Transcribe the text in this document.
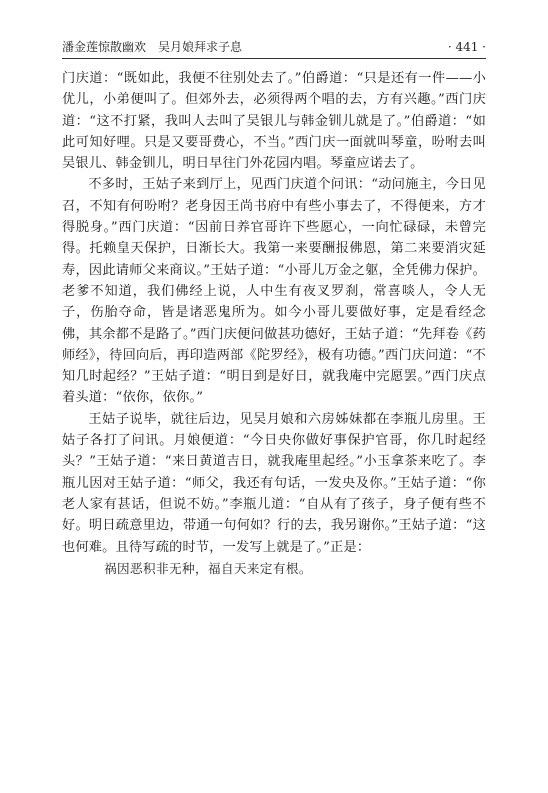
潘金莲惊散幽欢　吴月娘拜求子息	· 441 ·

门庆道：“既如此，我便不往别处去了。”伯爵道：“只是还有一件——小优儿，小弟便叫了。但郊外去，必须得两个唱的去，方有兴趣。”西门庆道：“这不打紧，我叫人去叫了吴银儿与韩金钏儿就是了。”伯爵道：“如此可知好哩。只是又要哥费心，不当。”西门庆一面就叫琴童，吩咐去叫吴银儿、韩金钏儿，明日早往门外花园内唱。琴童应诺去了。

不多时，王姑子来到厅上，见西门庆道个问讯：“动问施主，今日见召，不知有何吩咐？老身因王尚书府中有些小事去了，不得便来，方才得脱身。”西门庆道：“因前日养官哥许下些愿心，一向忙碌碌，未曾完得。托赖皇天保护，日渐长大。我第一来要酬报佛恩，第二来要消灾延寿，因此请师父来商议。”王姑子道：“小哥儿万金之躯，全凭佛力保护。老爹不知道，我们佛经上说，人中生有夜叉罗刹，常喜啖人，令人无子，伤胎夺命，皆是诸恶鬼所为。如今小哥儿要做好事，定是看经念佛，其余都不是路了。”西门庆便问做甚功德好，王姑子道：“先拜卷《药师经》，待回向后，再印造两部《陀罗经》，极有功德。”西门庆问道：“不知几时起经？”王姑子道：“明日到是好日，就我庵中完愿罢。”西门庆点着头道：“依你，依你。”

王姑子说毕，就往后边，见吴月娘和六房姊妹都在李瓶儿房里。王姑子各打了问讯。月娘便道：“今日央你做好事保护官哥，你几时起经头？”王姑子道：“来日黄道吉日，就我庵里起经。”小玉拿茶来吃了。李瓶儿因对王姑子道：“师父，我还有句话，一发央及你。”王姑子道：“你老人家有甚话，但说不妨。”李瓶儿道：“自从有了孩子，身子便有些不好。明日疏意里边，带通一句何如？行的去，我另谢你。”王姑子道：“这也何难。且待写疏的时节，一发写上就是了。”正是：

祸因恶积非无种，福自天来定有根。
